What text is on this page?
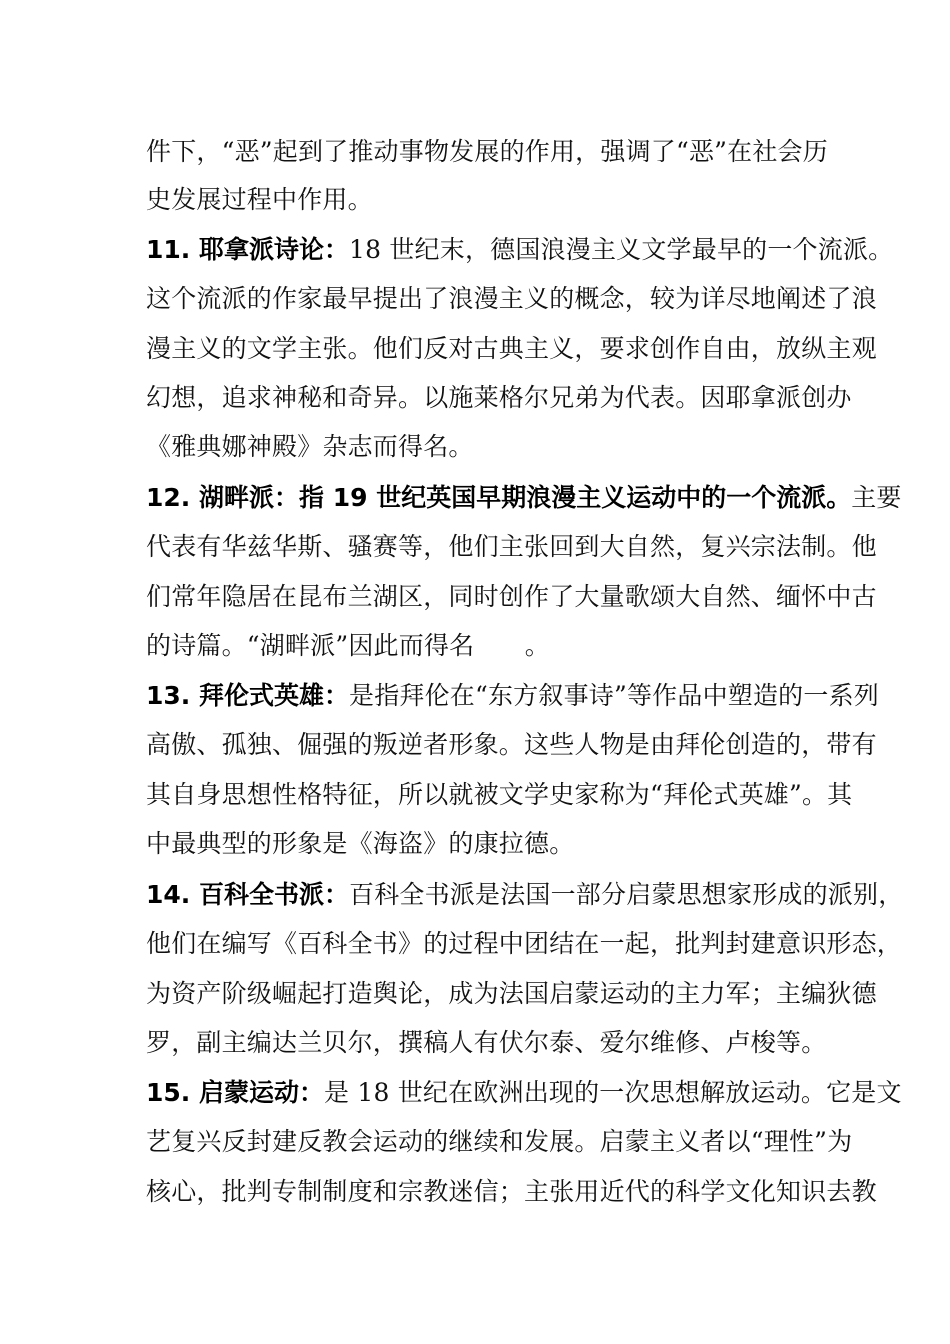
件下，“恶”起到了推动事物发展的作用，强调了“恶”在社会历
史发展过程中作用。
11. 耶拿派诗论：18 世纪末，德国浪漫主义文学最早的一个流派。
这个流派的作家最早提出了浪漫主义的概念，较为详尽地阐述了浪
漫主义的文学主张。他们反对古典主义，要求创作自由，放纵主观
幻想，追求神秘和奇异。以施莱格尔兄弟为代表。因耶拿派创办
《雅典娜神殿》杂志而得名。
12. 湖畔派：指 19 世纪英国早期浪漫主义运动中的一个流派。主要
代表有华兹华斯、骚赛等，他们主张回到大自然，复兴宗法制。他
们常年隐居在昆布兰湖区，同时创作了大量歌颂大自然、缅怀中古
的诗篇。“湖畔派”因此而得名　　。
13. 拜伦式英雄：是指拜伦在“东方叙事诗”等作品中塑造的一系列
高傲、孤独、倔强的叛逆者形象。这些人物是由拜伦创造的，带有
其自身思想性格特征，所以就被文学史家称为“拜伦式英雄”。其
中最典型的形象是《海盗》的康拉德。
14. 百科全书派：百科全书派是法国一部分启蒙思想家形成的派别，
他们在编写《百科全书》的过程中团结在一起，批判封建意识形态，
为资产阶级崛起打造舆论，成为法国启蒙运动的主力军；主编狄德
罗，副主编达兰贝尔，撰稿人有伏尔泰、爱尔维修、卢梭等。
15. 启蒙运动：是 18 世纪在欧洲出现的一次思想解放运动。它是文
艺复兴反封建反教会运动的继续和发展。启蒙主义者以“理性”为
核心，批判专制制度和宗教迷信；主张用近代的科学文化知识去教
